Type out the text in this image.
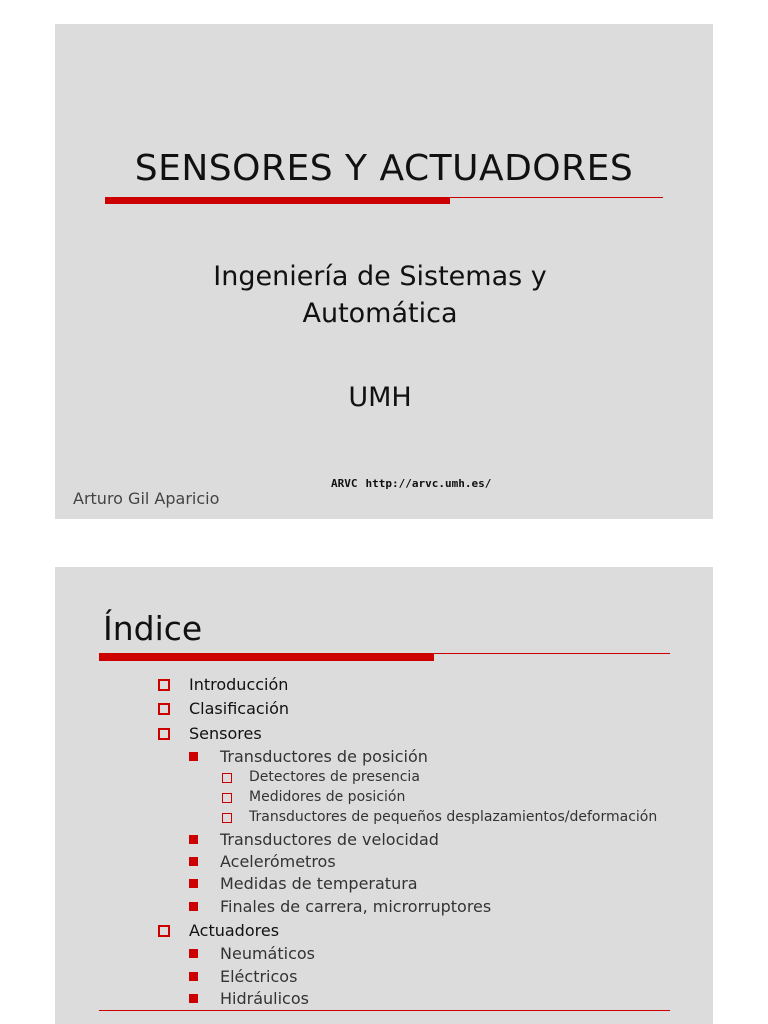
SENSORES Y ACTUADORES
Ingeniería de Sistemas y
Automática
UMH
ARVC http://arvc.umh.es/
Arturo Gil Aparicio
Índice
Introducción
Clasificación
Sensores
Transductores de posición
Detectores de presencia
Medidores de posición
Transductores de pequeños desplazamientos/deformación
Transductores de velocidad
Acelerómetros
Medidas de temperatura
Finales de carrera, microrruptores
Actuadores
Neumáticos
Eléctricos
Hidráulicos
